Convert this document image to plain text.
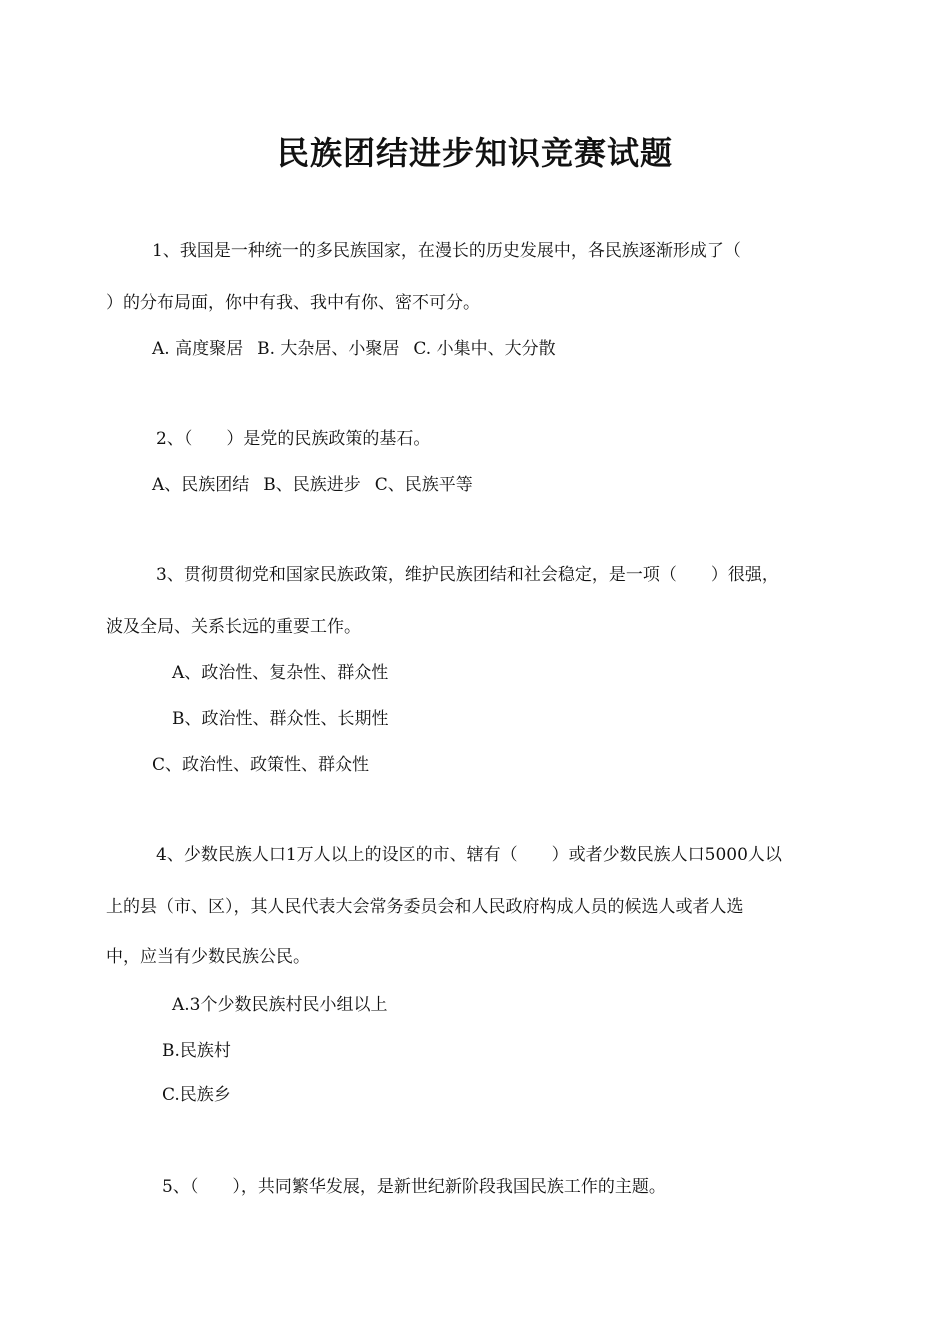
民族团结进步知识竞赛试题

1、我国是一种统一的多民族国家，在漫长的历史发展中，各民族逐渐形成了（

）的分布局面，你中有我、我中有你、密不可分。

A. 高度聚居 B. 大杂居、小聚居 C. 小集中、大分散

2、（　　）是党的民族政策的基石。

A、民族团结 B、民族进步 C、民族平等

3、贯彻贯彻党和国家民族政策，维护民族团结和社会稳定，是一项（　　）很强，

波及全局、关系长远的重要工作。

A、政治性、复杂性、群众性

B、政治性、群众性、长期性

C、政治性、政策性、群众性

4、少数民族人口1万人以上的设区的市、辖有（　　）或者少数民族人口5000人以

上的县（市、区），其人民代表大会常务委员会和人民政府构成人员的候选人或者人选

中，应当有少数民族公民。

A.3个少数民族村民小组以上

B.民族村

C.民族乡

5、（　　），共同繁华发展，是新世纪新阶段我国民族工作的主题。
